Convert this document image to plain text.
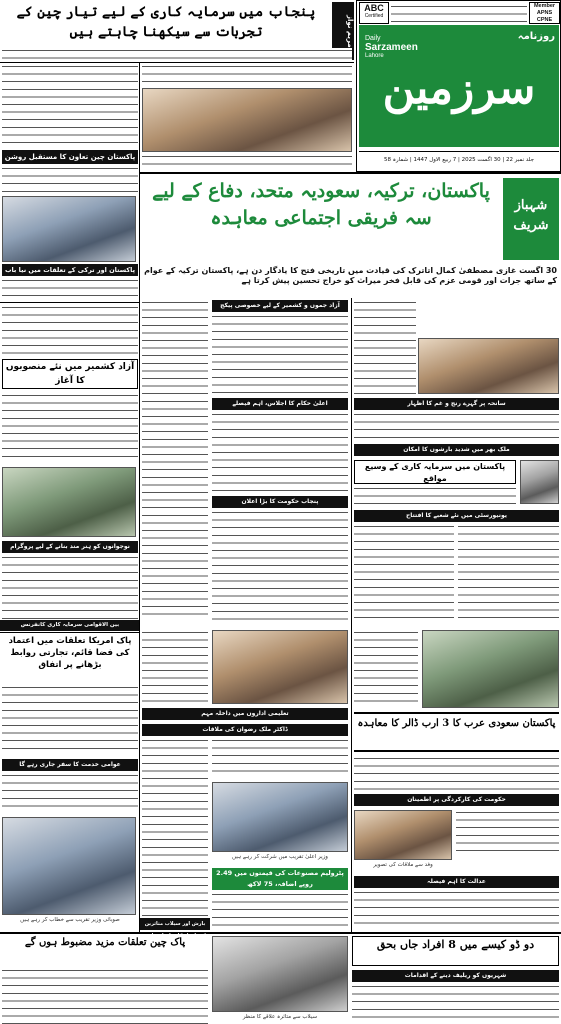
ABC
Certified
Member
APNS
CPNE
Daily
Sarzameen
Lahore
روزنامہ
سرزمین
جلد نمبر 22 | 30 اگست 2025 | 7 ربیع الاول 1447 | شمارہ 58
مریم نواز
پنجاب میں سرمایہ کاری کے لیے تیار چین کے تجربات سے سیکھنا چاہتے ہیں
پاکستان چین تعاون کا مستقبل روشن
پاکستان اور ترکی کے تعلقات میں نیا باب
شہباز شریف
پاکستان، ترکیہ، سعودیہ متحد، دفاع کے لیے سہ فریقی اجتماعی معاہدہ
30 اگست غازی مصطفیٰ کمال اتاترک کی قیادت میں تاریخی فتح کا یادگار دن ہے، پاکستان ترکیہ کے عوام کے ساتھ جرات اور قومی عزم کی قابل فخر میراث کو خراج تحسین پیش کرتا ہے
آزاد کشمیر میں نئے منصوبوں کا آغاز
نوجوانوں کو ہنر مند بنانے کے لیے پروگرام
آزاد جموں و کشمیر کے لیے خصوصی پیکج
اعلیٰ حکام کا اجلاس، اہم فیصلے
پنجاب حکومت کا بڑا اعلان
سانحہ پر گہرے رنج و غم کا اظہار
ملک بھر میں شدید بارشوں کا امکان
پاکستان میں سرمایہ کاری کے وسیع مواقع
یونیورسٹی میں نئے شعبے کا افتتاح
پاک امریکا تعلقات میں اعتماد کی فضا قائم، تجارتی روابط بڑھانے پر اتفاق
عوامی خدمت کا سفر جاری رہے گا
صوبائی وزیر تقریب سے خطاب کر رہے ہیں
تعلیمی اداروں میں داخلہ مہم
ڈاکٹر ملک رضوان کی ملاقات
وزیر اعلیٰ تقریب میں شرکت کر رہے ہیں
پٹرولیم مصنوعات کی قیمتوں میں 2.49 روپے اضافہ، 75 لاکھ
پاکستان سعودی عرب کا 3 ارب ڈالر کا معاہدہ
حکومت کی کارکردگی پر اطمینان
وفد سے ملاقات کی تصویر
عدالت کا اہم فیصلہ
پاک چین تعلقات مزید مضبوط ہوں گے
سیلاب سے متاثرہ علاقے کا منظر
دو ڈو کیسے میں 8 افراد جاں بحق
شہریوں کو ریلیف دینے کے اقدامات
بارش اور سیلاب متاثرین کی امداد کا سلسلہ جاری
بین الاقوامی سرمایہ کاری کانفرنس
